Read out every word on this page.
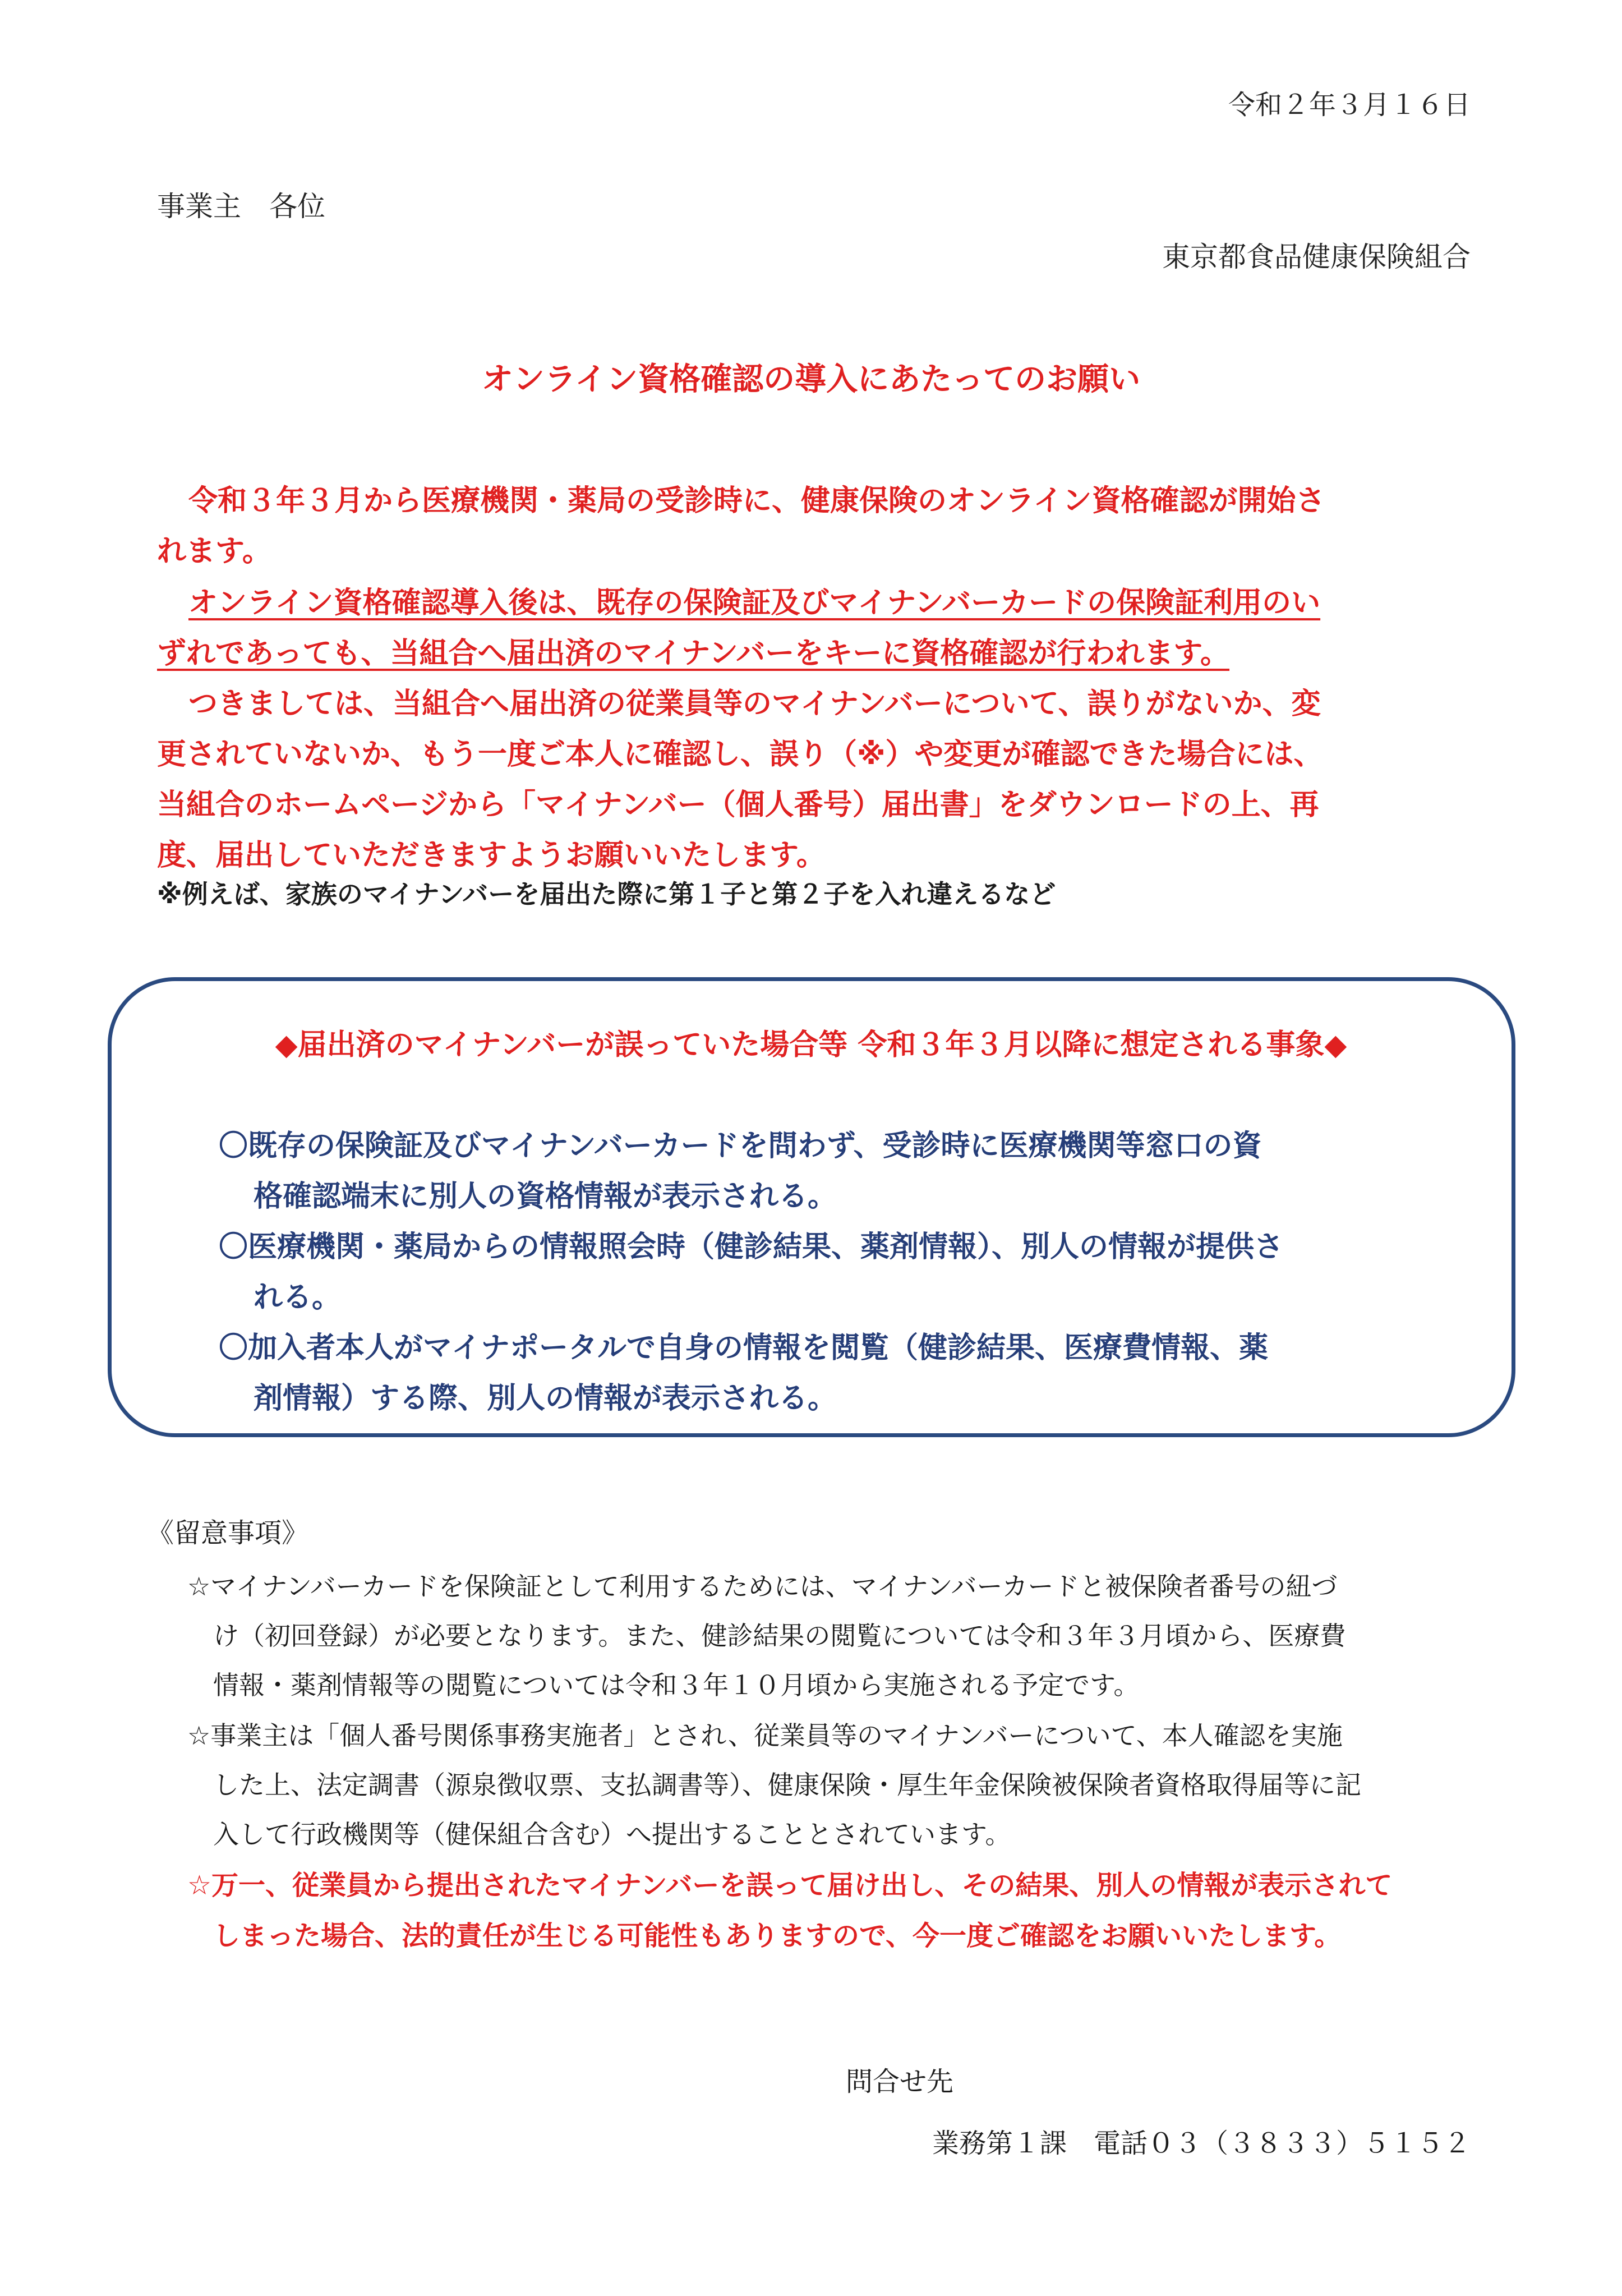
令和２年３月１６日
事業主　各位
東京都食品健康保険組合
オンライン資格確認の導入にあたってのお願い
令和３年３月から医療機関・薬局の受診時に、健康保険のオンライン資格確認が開始さ
れます。
オンライン資格確認導入後は、既存の保険証及びマイナンバーカードの保険証利用のい
ずれであっても、当組合へ届出済のマイナンバーをキーに資格確認が行われます。
つきましては、当組合へ届出済の従業員等のマイナンバーについて、誤りがないか、変
更されていないか、もう一度ご本人に確認し、誤り（※）や変更が確認できた場合には、
当組合のホームページから「マイナンバー（個人番号）届出書」をダウンロードの上、再
度、届出していただきますようお願いいたします。
※例えば、家族のマイナンバーを届出た際に第１子と第２子を入れ違えるなど
◆届出済のマイナンバーが誤っていた場合等 令和３年３月以降に想定される事象◆
〇既存の保険証及びマイナンバーカードを問わず、受診時に医療機関等窓口の資
格確認端末に別人の資格情報が表示される。
〇医療機関・薬局からの情報照会時（健診結果、薬剤情報）、別人の情報が提供さ
れる。
〇加入者本人がマイナポータルで自身の情報を閲覧（健診結果、医療費情報、薬
剤情報）する際、別人の情報が表示される。
《留意事項》
☆マイナンバーカードを保険証として利用するためには、マイナンバーカードと被保険者番号の紐づ
け（初回登録）が必要となります。また、健診結果の閲覧については令和３年３月頃から、医療費
情報・薬剤情報等の閲覧については令和３年１０月頃から実施される予定です。
☆事業主は「個人番号関係事務実施者」とされ、従業員等のマイナンバーについて、本人確認を実施
した上、法定調書（源泉徴収票、支払調書等）、健康保険・厚生年金保険被保険者資格取得届等に記
入して行政機関等（健保組合含む）へ提出することとされています。
☆万一、従業員から提出されたマイナンバーを誤って届け出し、その結果、別人の情報が表示されて
しまった場合、法的責任が生じる可能性もありますので、今一度ご確認をお願いいたします。
問合せ先
業務第１課　電話０３（３８３３）５１５２
